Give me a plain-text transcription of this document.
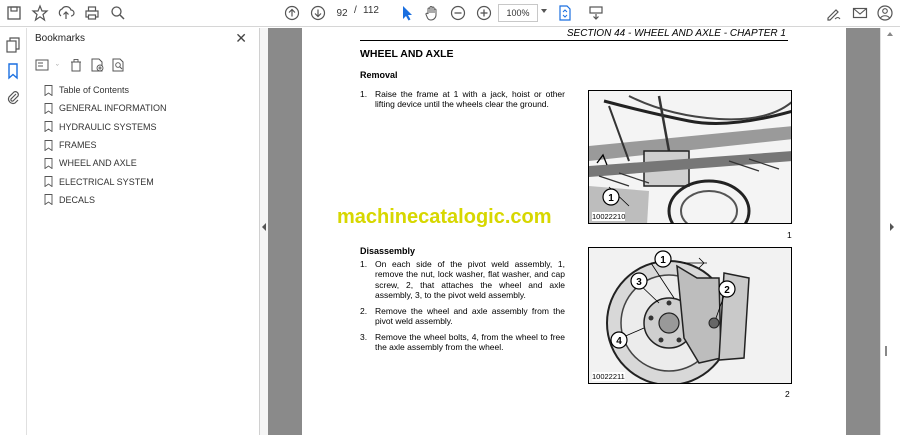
92 / 112	100%
Bookmarks	✕
Table of Contents
GENERAL INFORMATION
HYDRAULIC SYSTEMS
FRAMES
WHEEL AND AXLE
ELECTRICAL SYSTEM
DECALS
SECTION 44 - WHEEL AND AXLE - CHAPTER 1
WHEEL AND AXLE
Removal
1. Raise the frame at 1 with a jack, hoist or other lifting device until the wheels clear the ground.
machinecatalogic.com
Disassembly
1. On each side of the pivot weld assembly, 1, remove the nut, lock washer, flat washer, and cap screw, 2, that attaches the wheel and axle assembly, 3, to the pivot weld assembly.
2. Remove the wheel and axle assembly from the pivot weld assembly.
3. Remove the wheel bolts, 4, from the wheel to free the axle assembly from the wheel.
1
10022210
1
1
2
3
4
10022211
2
